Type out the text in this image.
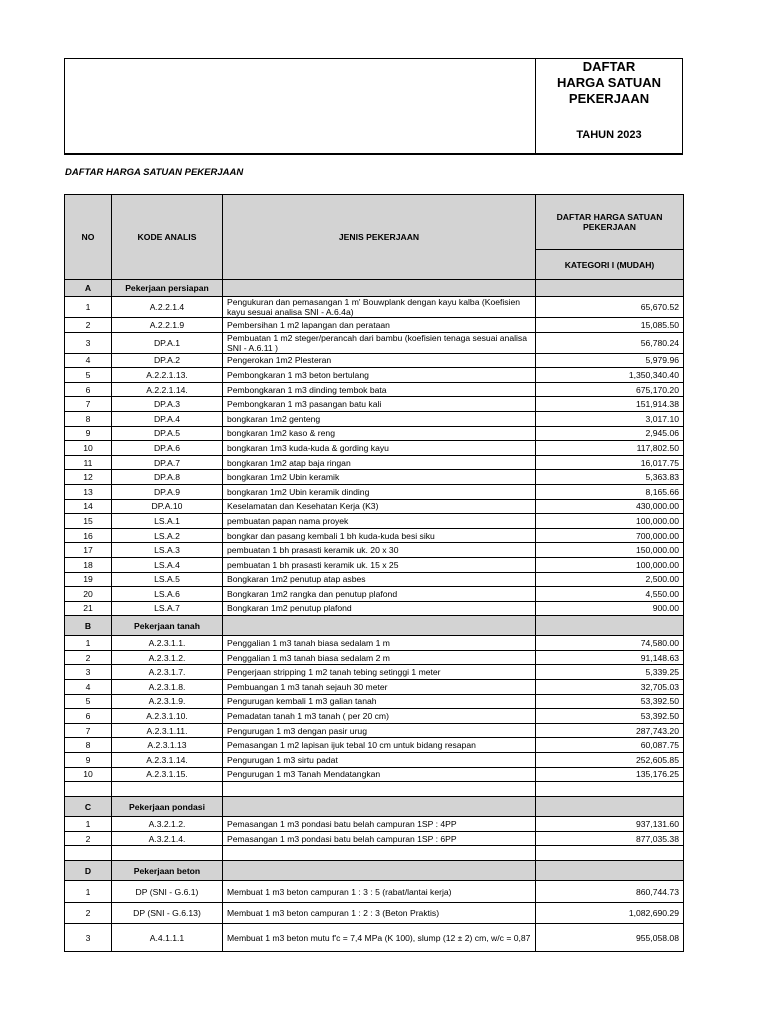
DAFTAR
HARGA SATUAN
PEKERJAAN
TAHUN 2023
DAFTAR HARGA SATUAN PEKERJAAN
NO	KODE ANALIS	JENIS PEKERJAAN	DAFTAR HARGA SATUAN PEKERJAAN
			KATEGORI I (MUDAH)
A	Pekerjaan persiapan		
1	A.2.2.1.4	Pengukuran dan pemasangan 1 m' Bouwplank dengan kayu kalba (Koefisien kayu sesuai analisa SNI - A.6.4a)	65,670.52
2	A.2.2.1.9	Pembersihan 1 m2 lapangan dan perataan	15,085.50
3	DP.A.1	Pembuatan 1 m2 steger/perancah dari bambu (koefisien tenaga sesuai analisa SNI - A.6.11 )	56,780.24
4	DP.A.2	Pengerokan 1m2 Plesteran	5,979.96
5	A.2.2.1.13.	Pembongkaran 1 m3 beton bertulang	1,350,340.40
6	A.2.2.1.14.	Pembongkaran 1 m3 dinding tembok bata	675,170.20
7	DP.A.3	Pembongkaran 1 m3 pasangan batu kali	151,914.38
8	DP.A.4	bongkaran 1m2 genteng	3,017.10
9	DP.A.5	bongkaran 1m2 kaso & reng	2,945.06
10	DP.A.6	bongkaran 1m3 kuda-kuda & gording kayu	117,802.50
11	DP.A.7	bongkaran 1m2 atap baja ringan	16,017.75
12	DP.A.8	bongkaran 1m2 Ubin keramik	5,363.83
13	DP.A.9	bongkaran 1m2 Ubin keramik dinding	8,165.66
14	DP.A.10	Keselamatan dan Kesehatan Kerja (K3)	430,000.00
15	LS.A.1	pembuatan papan nama proyek	100,000.00
16	LS.A.2	bongkar dan pasang kembali 1 bh kuda-kuda besi siku	700,000.00
17	LS.A.3	pembuatan 1 bh prasasti keramik uk. 20 x 30	150,000.00
18	LS.A.4	pembuatan 1 bh prasasti keramik uk. 15 x 25	100,000.00
19	LS.A.5	Bongkaran 1m2 penutup atap asbes	2,500.00
20	LS.A.6	Bongkaran 1m2 rangka dan penutup plafond	4,550.00
21	LS.A.7	Bongkaran 1m2 penutup plafond	900.00
B	Pekerjaan tanah		
1	A.2.3.1.1.	Penggalian 1 m3 tanah biasa sedalam 1 m	74,580.00
2	A.2.3.1.2.	Penggalian 1 m3 tanah biasa sedalam 2 m	91,148.63
3	A.2.3.1.7.	Pengerjaan stripping 1 m2 tanah tebing setinggi 1 meter	5,339.25
4	A.2.3.1.8.	Pembuangan 1 m3 tanah sejauh 30 meter	32,705.03
5	A.2.3.1.9.	Pengurugan kembali 1 m3 galian tanah	53,392.50
6	A.2.3.1.10.	Pemadatan tanah 1 m3 tanah ( per 20 cm)	53,392.50
7	A.2.3.1.11.	Pengurugan 1 m3 dengan pasir urug	287,743.20
8	A.2.3.1.13	Pemasangan 1 m2 lapisan ijuk tebal 10 cm untuk bidang resapan	60,087.75
9	A.2.3.1.14.	Pengurugan 1 m3 sirtu padat	252,605.85
10	A.2.3.1.15.	Pengurugan 1 m3 Tanah Mendatangkan	135,176.25

C	Pekerjaan pondasi		
1	A.3.2.1.2.	Pemasangan 1 m3 pondasi batu belah campuran 1SP : 4PP	937,131.60
2	A.3.2.1.4.	Pemasangan 1 m3 pondasi batu belah campuran 1SP : 6PP	877,035.38

D	Pekerjaan beton		
1	DP (SNI - G.6.1)	Membuat 1 m3 beton campuran 1 : 3 : 5 (rabat/lantai kerja)	860,744.73
2	DP (SNI - G.6.13)	Membuat 1 m3 beton campuran 1 : 2 : 3 (Beton Praktis)	1,082,690.29
3	A.4.1.1.1	Membuat 1 m3 beton mutu f'c = 7,4 MPa (K 100), slump (12 ± 2) cm, w/c = 0,87	955,058.08
